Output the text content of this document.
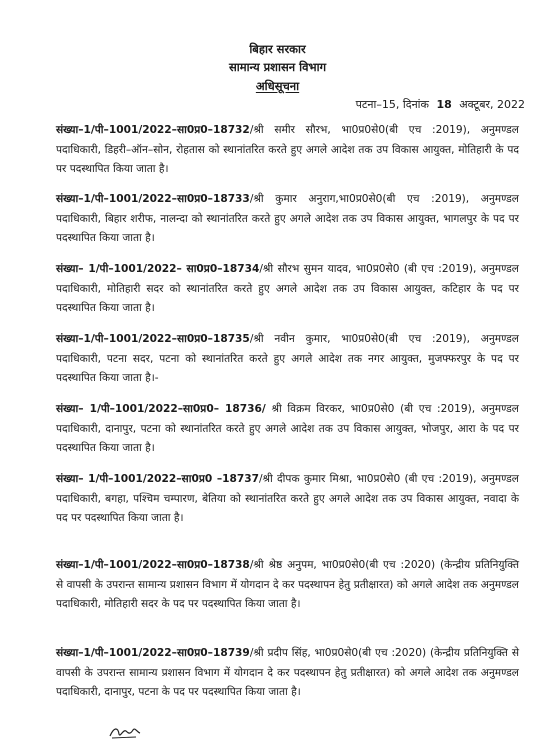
बिहार सरकार
सामान्य प्रशासन विभाग
अधिसूचना
पटना–15, दिनांक 18 अक्टूबर, 2022
संख्या–1/पी–1001/2022–सा0प्र0–18732/श्री समीर सौरभ, भा0प्र0से0(बी एच :2019), अनुमण्डल पदाधिकारी, डिहरी–ऑन–सोन, रोहतास को स्थानांतरित करते हुए अगले आदेश तक उप विकास आयुक्त, मोतिहारी के पद पर पदस्थापित किया जाता है।
संख्या–1/पी–1001/2022–सा0प्र0–18733/श्री कुमार अनुराग,भा0प्र0से0(बी एच :2019), अनुमण्डल पदाधिकारी, बिहार शरीफ, नालन्दा को स्थानांतरित करते हुए अगले आदेश तक उप विकास आयुक्त, भागलपुर के पद पर पदस्थापित किया जाता है।
संख्या– 1/पी–1001/2022– सा0प्र0–18734/श्री सौरभ सुमन यादव, भा0प्र0से0 (बी एच :2019), अनुमण्डल पदाधिकारी, मोतिहारी सदर को स्थानांतरित करते हुए अगले आदेश तक उप विकास आयुक्त, कटिहार के पद पर पदस्थापित किया जाता है।
संख्या–1/पी–1001/2022–सा0प्र0–18735/श्री नवीन कुमार, भा0प्र0से0(बी एच :2019), अनुमण्डल पदाधिकारी, पटना सदर, पटना को स्थानांतरित करते हुए अगले आदेश तक नगर आयुक्त, मुजफ्फरपुर के पद पर पदस्थापित किया जाता है।-
संख्या– 1/पी–1001/2022–सा0प्र0– 18736/ श्री विक्रम विरकर, भा0प्र0से0 (बी एच :2019), अनुमण्डल पदाधिकारी, दानापुर, पटना को स्थानांतरित करते हुए अगले आदेश तक उप विकास आयुक्त, भोजपुर, आरा के पद पर पदस्थापित किया जाता है।
संख्या– 1/पी–1001/2022–सा0प्र0 –18737/श्री दीपक कुमार मिश्रा, भा0प्र0से0 (बी एच :2019), अनुमण्डल पदाधिकारी, बगहा, पश्चिम चम्पारण, बेतिया को स्थानांतरित करते हुए अगले आदेश तक उप विकास आयुक्त, नवादा के पद पर पदस्थापित किया जाता है।
संख्या–1/पी–1001/2022–सा0प्र0–18738/श्री श्रेष्ठ अनुपम, भा0प्र0से0(बी एच :2020) (केन्द्रीय प्रतिनियुक्ति से वापसी के उपरान्त सामान्य प्रशासन विभाग में योगदान दे कर पदस्थापन हेतु प्रतीक्षारत) को अगले आदेश तक अनुमण्डल पदाधिकारी, मोतिहारी सदर के पद पर पदस्थापित किया जाता है।
संख्या–1/पी–1001/2022–सा0प्र0–18739/श्री प्रदीप सिंह, भा0प्र0से0(बी एच :2020) (केन्द्रीय प्रतिनियुक्ति से वापसी के उपरान्त सामान्य प्रशासन विभाग में योगदान दे कर पदस्थापन हेतु प्रतीक्षारत) को अगले आदेश तक अनुमण्डल पदाधिकारी, दानापुर, पटना के पद पर पदस्थापित किया जाता है।
